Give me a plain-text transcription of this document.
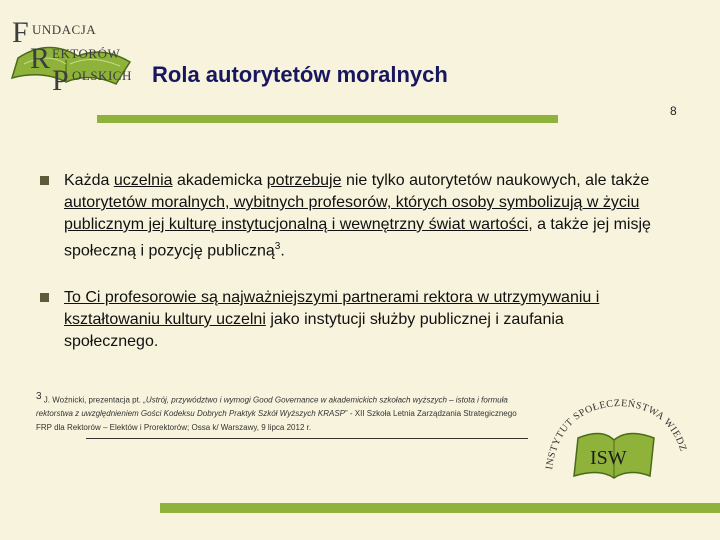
F UNDACJA
R EKTORÓW
P OLSKICH Rola autorytetów moralnych
8
Każda uczelnia akademicka potrzebuje nie tylko autorytetów naukowych, ale także autorytetów moralnych, wybitnych profesorów, których osoby symbolizują w życiu publicznym jej kulturę instytucjonalną i wewnętrzny świat wartości, a także jej misję społeczną i pozycję publiczną$^3$.
To Ci profesorowie są najważniejszymi partnerami rektora w utrzymywaniu i kształtowaniu kultury uczelni jako instytucji służby publicznej i zaufania społecznego.
$^3$ J. Woźnicki, prezentacja pt. „Ustrój, przywództwo i wymogi Good Governance w akademickich szkołach wyższych – istota i formuła rektorstwa z uwzględnieniem Gości Kodeksu Dobrych Praktyk Szkół Wyższych KRASP” - XII Szkoła Letnia Zarządzania Strategicznego FRP dla Rektorów – Elektów i Prorektorów; Ossa k/ Warszawy, 9 lipca 2012 r.
INSTYTUT SPOŁECZEŃSTWA WIEDZ
ISW
